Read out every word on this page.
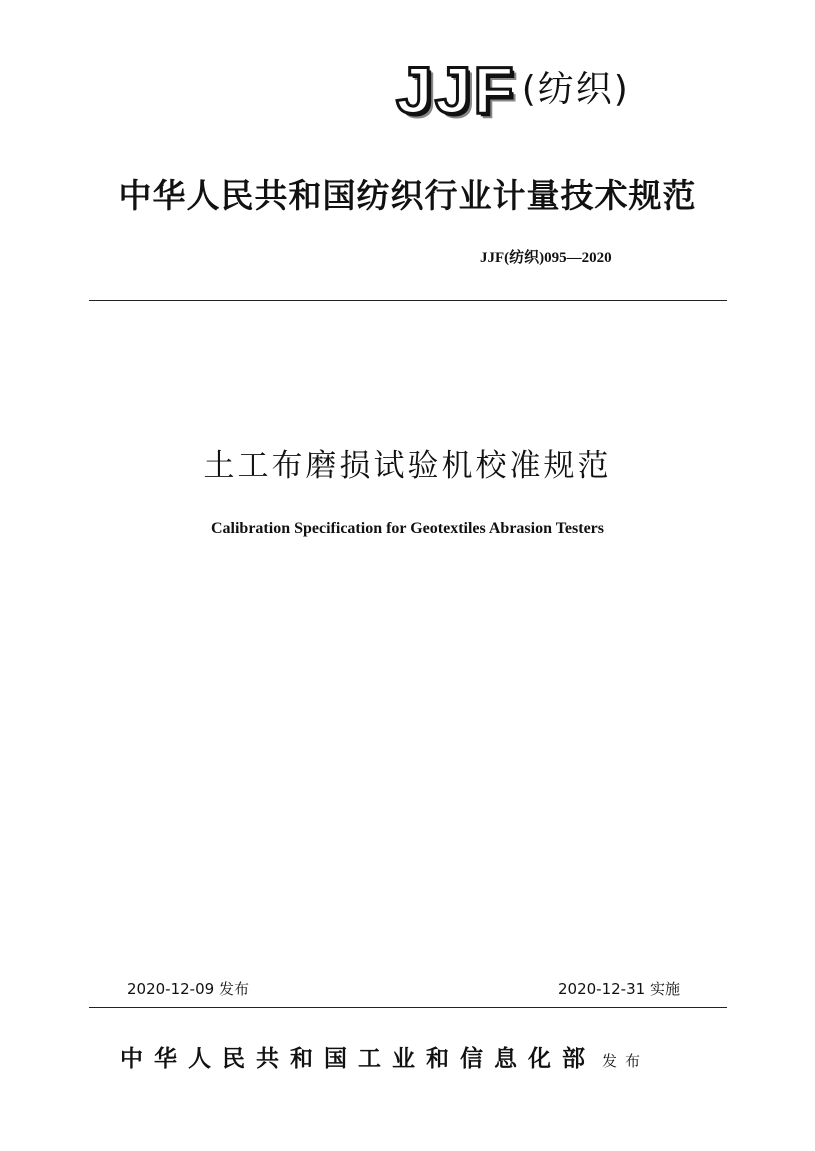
JJF (纺织)
中华人民共和国纺织行业计量技术规范
JJF(纺织)095—2020
土工布磨损试验机校准规范
Calibration Specification for Geotextiles Abrasion Testers
2020-12-09 发布	2020-12-31 实施
中华人民共和国工业和信息化部 发布
